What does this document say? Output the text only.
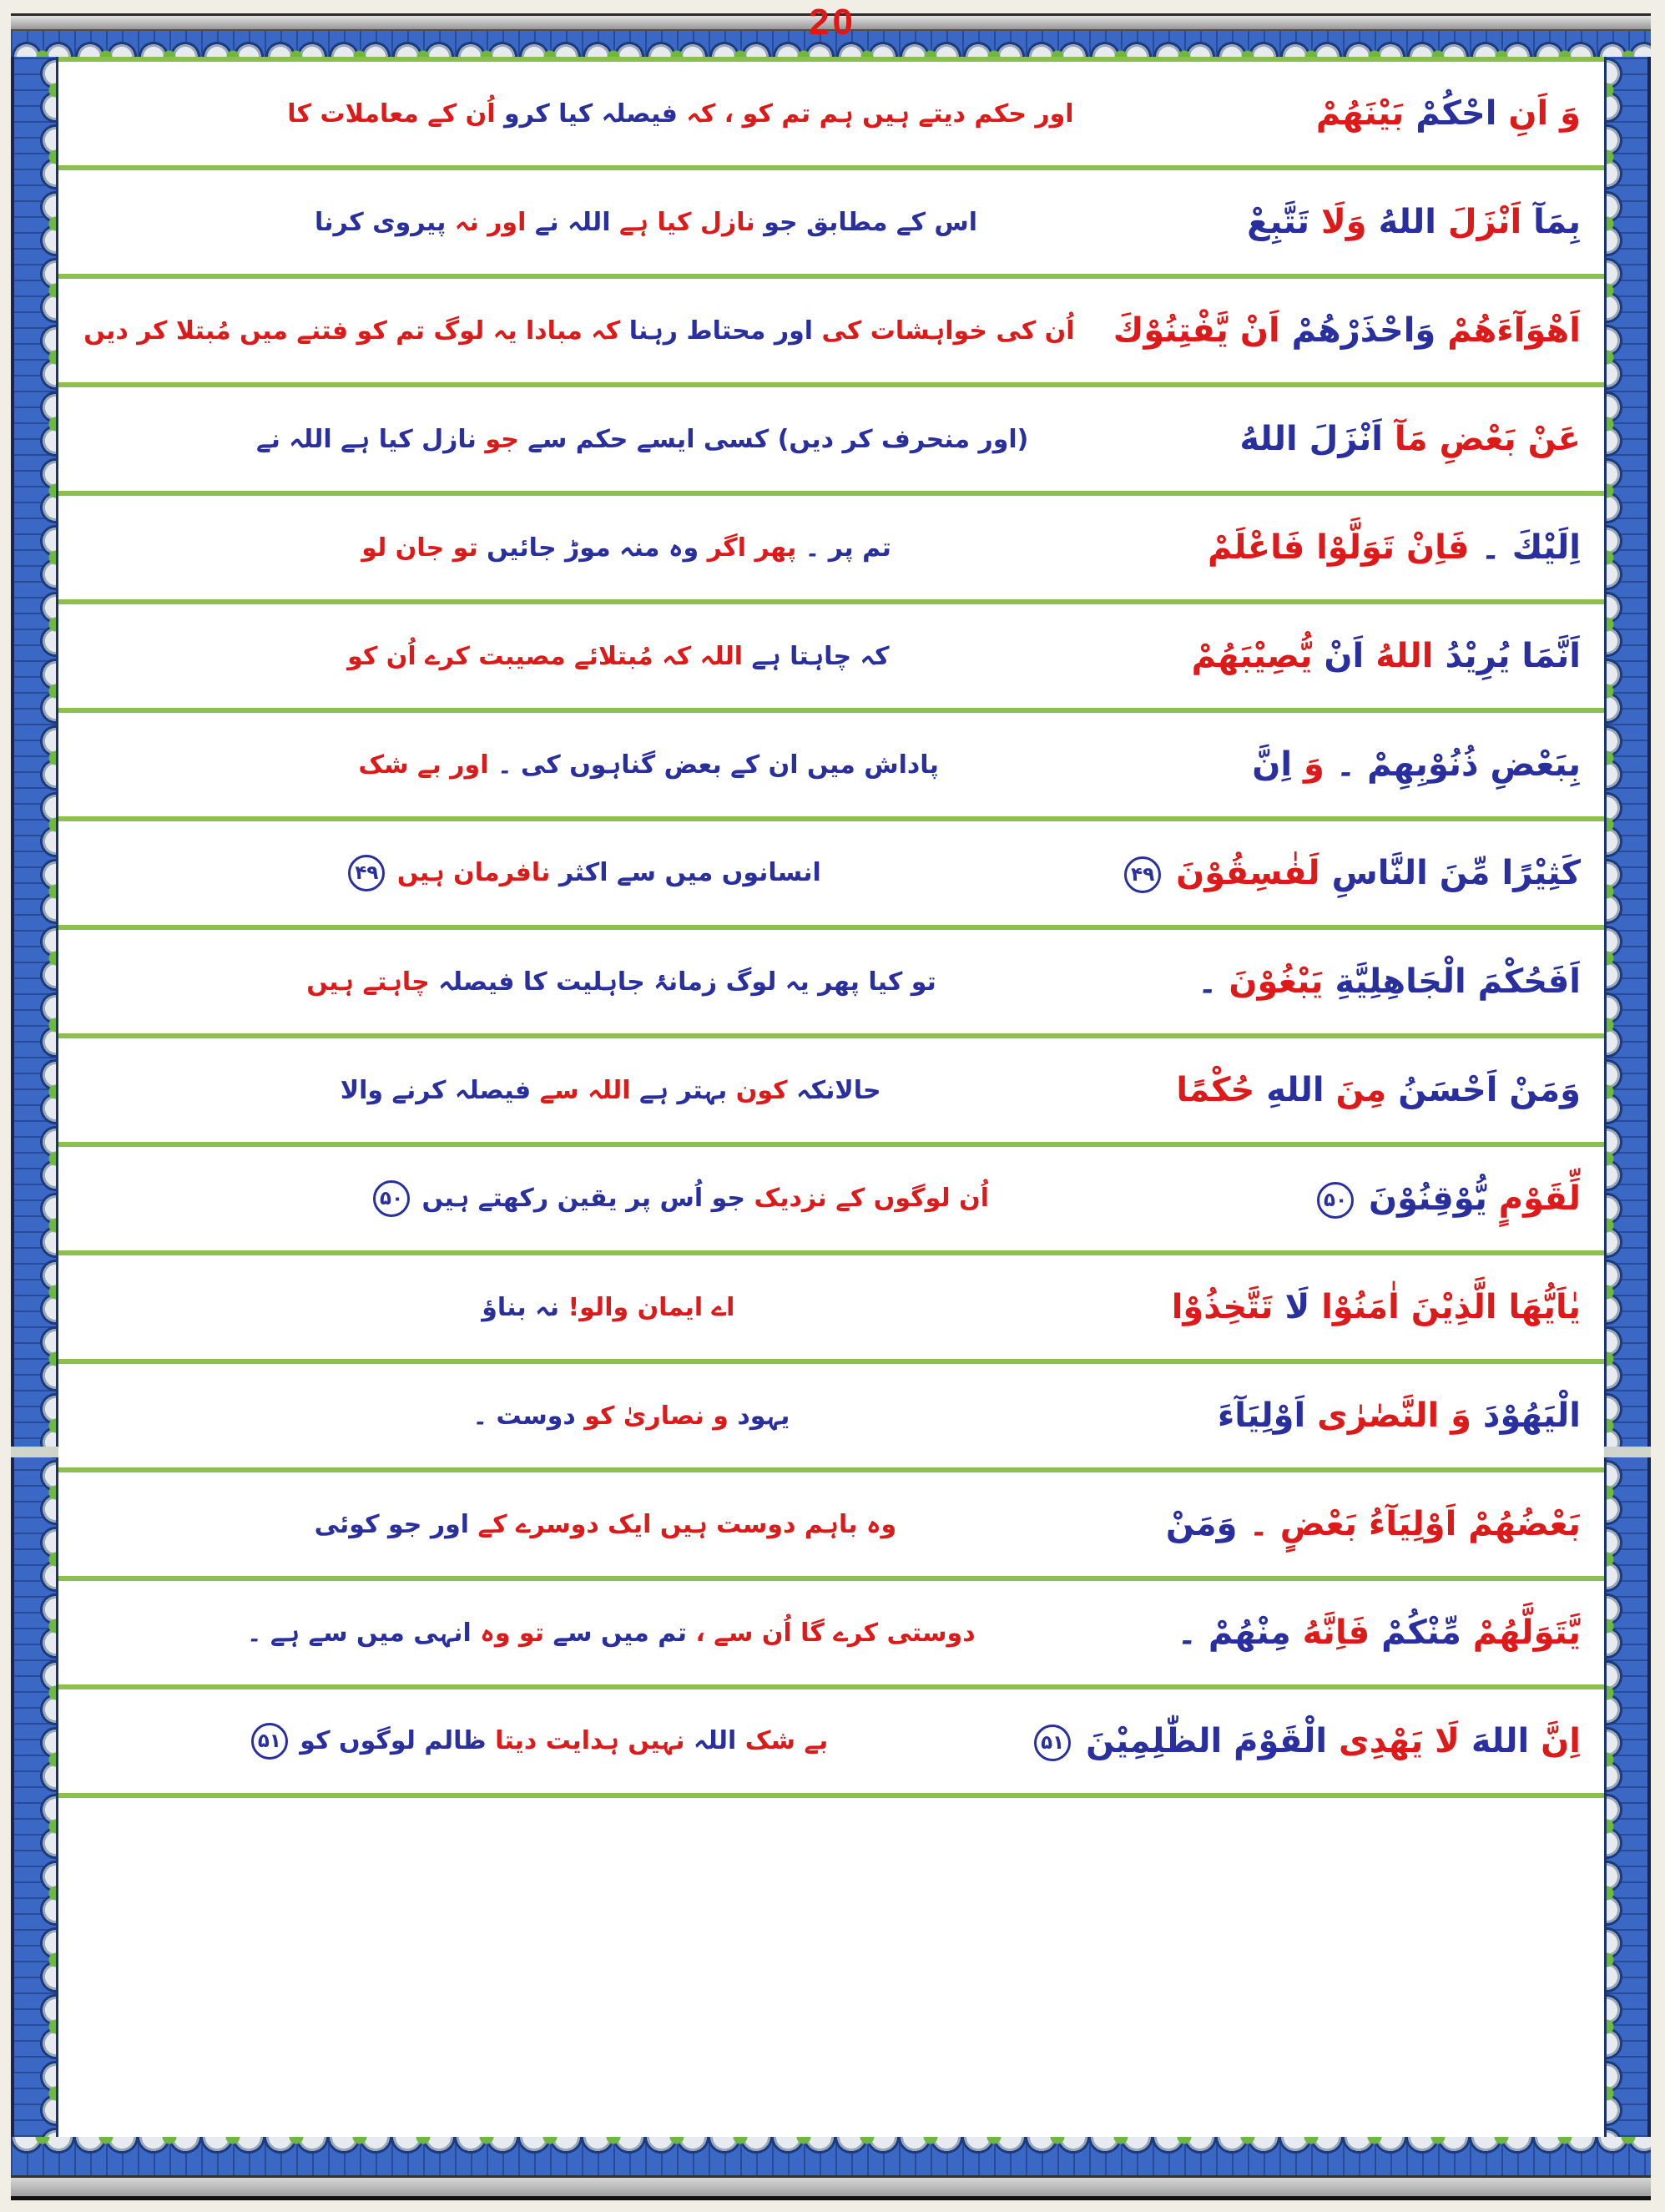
20
اور حکم دیتے ہیں ہم تم کو ، کہ فیصلہ کیا کرو اُن کے معاملات کا	وَ اَنِ احْكُمْ بَيْنَهُمْ
اس کے مطابق جو نازل کیا ہے اللہ نے اور نہ پیروی کرنا	بِمَآ اَنْزَلَ اللهُ وَلَا تَتَّبِعْ
اُن کی خواہشات کی اور محتاط رہنا کہ مبادا یہ لوگ تم کو فتنے میں مُبتلا کر دیں	اَهْوَآءَهُمْ وَاحْذَرْهُمْ اَنْ يَّفْتِنُوْكَ
(اور منحرف کر دیں) کسی ایسے حکم سے جو نازل کیا ہے اللہ نے	عَنْ بَعْضِ مَآ اَنْزَلَ اللهُ
تم پر ۔ پھر اگر وہ منہ موڑ جائیں تو جان لو	اِلَيْكَ ۔ فَاِنْ تَوَلَّوْا فَاعْلَمْ
کہ چاہتا ہے اللہ کہ مُبتلائے مصیبت کرے اُن کو	اَنَّمَا يُرِيْدُ اللهُ اَنْ يُّصِيْبَهُمْ
پاداش میں ان کے بعض گناہوں کی ۔ اور بے شک	بِبَعْضِ ذُنُوْبِهِمْ ۔ وَ اِنَّ
انسانوں میں سے اکثر نافرمان ہیں ۴۹	كَثِيْرًا مِّنَ النَّاسِ لَفٰسِقُوْنَ ۴۹
تو کیا پھر یہ لوگ زمانۂ جاہلیت کا فیصلہ چاہتے ہیں	اَفَحُكْمَ الْجَاهِلِيَّةِ يَبْغُوْنَ ۔
حالانکہ کون بہتر ہے اللہ سے فیصلہ کرنے والا	وَمَنْ اَحْسَنُ مِنَ اللهِ حُكْمًا
اُن لوگوں کے نزدیک جو اُس پر یقین رکھتے ہیں ۵۰	لِّقَوْمٍ يُّوْقِنُوْنَ ۵۰
اے ایمان والو! نہ بناؤ	يٰاَيُّهَا الَّذِيْنَ اٰمَنُوْا لَا تَتَّخِذُوْا
یہود و نصاریٰ کو دوست ۔	الْيَهُوْدَ وَ النَّصٰرٰى اَوْلِيَآءَ
وہ باہم دوست ہیں ایک دوسرے کے اور جو کوئی	بَعْضُهُمْ اَوْلِيَآءُ بَعْضٍ ۔ وَمَنْ
دوستی کرے گا اُن سے ، تم میں سے تو وہ انہی میں سے ہے ۔	يَّتَوَلَّهُمْ مِّنْكُمْ فَاِنَّهُ مِنْهُمْ ۔
بے شک اللہ نہیں ہدایت دیتا ظالم لوگوں کو ۵۱	اِنَّ اللهَ لَا يَهْدِى الْقَوْمَ الظّٰلِمِيْنَ ۵۱
